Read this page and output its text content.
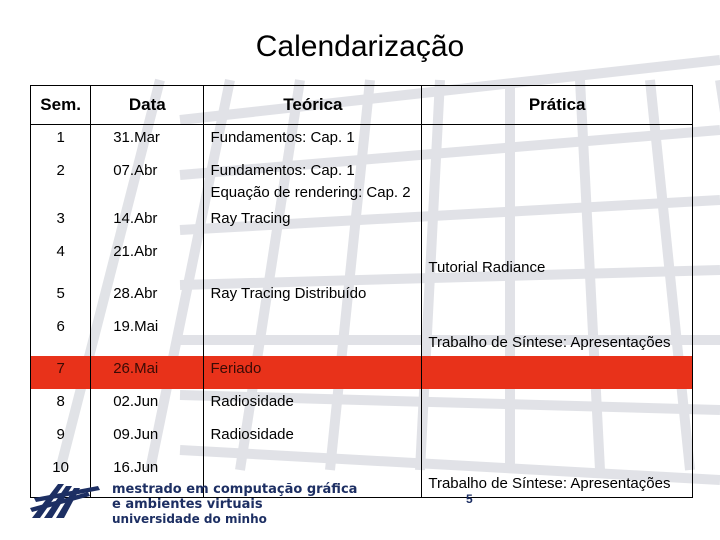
Calendarização
Sem.	Data	Teórica	Prática
1	31.Mar	Fundamentos: Cap. 1	

2	07.Abr	Fundamentos: Cap. 1
Equação de rendering: Cap. 2	

3	14.Abr	Ray Tracing	

4	21.Abr		Tutorial Radiance

5	28.Abr	Ray Tracing Distribuído	

6	19.Mai		Trabalho de Síntese: Apresentações

7	26.Mai	Feriado	

8	02.Jun	Radiosidade	

9	09.Jun	Radiosidade	

10	16.Jun		Trabalho de Síntese: Apresentações
mestrado em computação gráfica
e ambientes virtuais
universidade do minho
5
